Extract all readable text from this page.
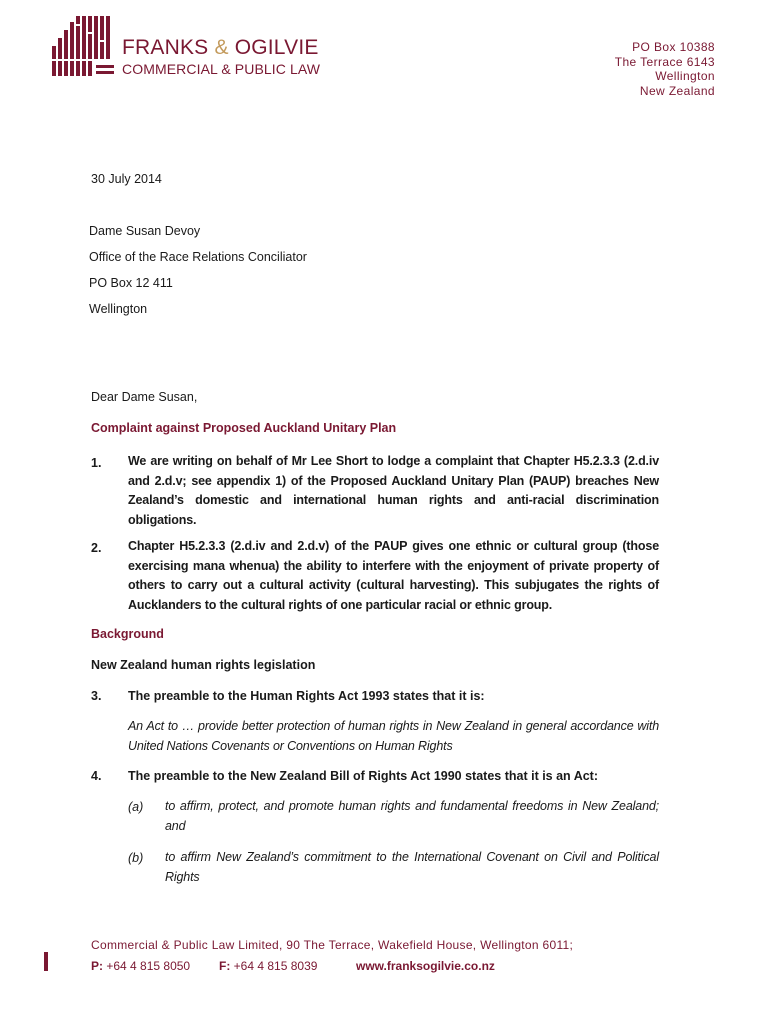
FRANKS & OGILVIE
COMMERCIAL & PUBLIC LAW
PO Box 10388
The Terrace 6143
Wellington
New Zealand
30 July 2014
Dame Susan Devoy
Office of the Race Relations Conciliator
PO Box 12 411
Wellington
Dear Dame Susan,
Complaint against Proposed Auckland Unitary Plan
1. We are writing on behalf of Mr Lee Short to lodge a complaint that Chapter H5.2.3.3 (2.d.iv and 2.d.v; see appendix 1) of the Proposed Auckland Unitary Plan (PAUP) breaches New Zealand’s domestic and international human rights and anti-racial discrimination obligations.
2. Chapter H5.2.3.3 (2.d.iv and 2.d.v) of the PAUP gives one ethnic or cultural group (those exercising mana whenua) the ability to interfere with the enjoyment of private property of others to carry out a cultural activity (cultural harvesting). This subjugates the rights of Aucklanders to the cultural rights of one particular racial or ethnic group.
Background
New Zealand human rights legislation
3. The preamble to the Human Rights Act 1993 states that it is:
An Act to … provide better protection of human rights in New Zealand in general accordance with United Nations Covenants or Conventions on Human Rights
4. The preamble to the New Zealand Bill of Rights Act 1990 states that it is an Act:
(a) to affirm, protect, and promote human rights and fundamental freedoms in New Zealand; and
(b) to affirm New Zealand’s commitment to the International Covenant on Civil and Political Rights
Commercial & Public Law Limited, 90 The Terrace, Wakefield House, Wellington 6011;
P: +64 4 815 8050 F: +64 4 815 8039	www.franksogilvie.co.nz
